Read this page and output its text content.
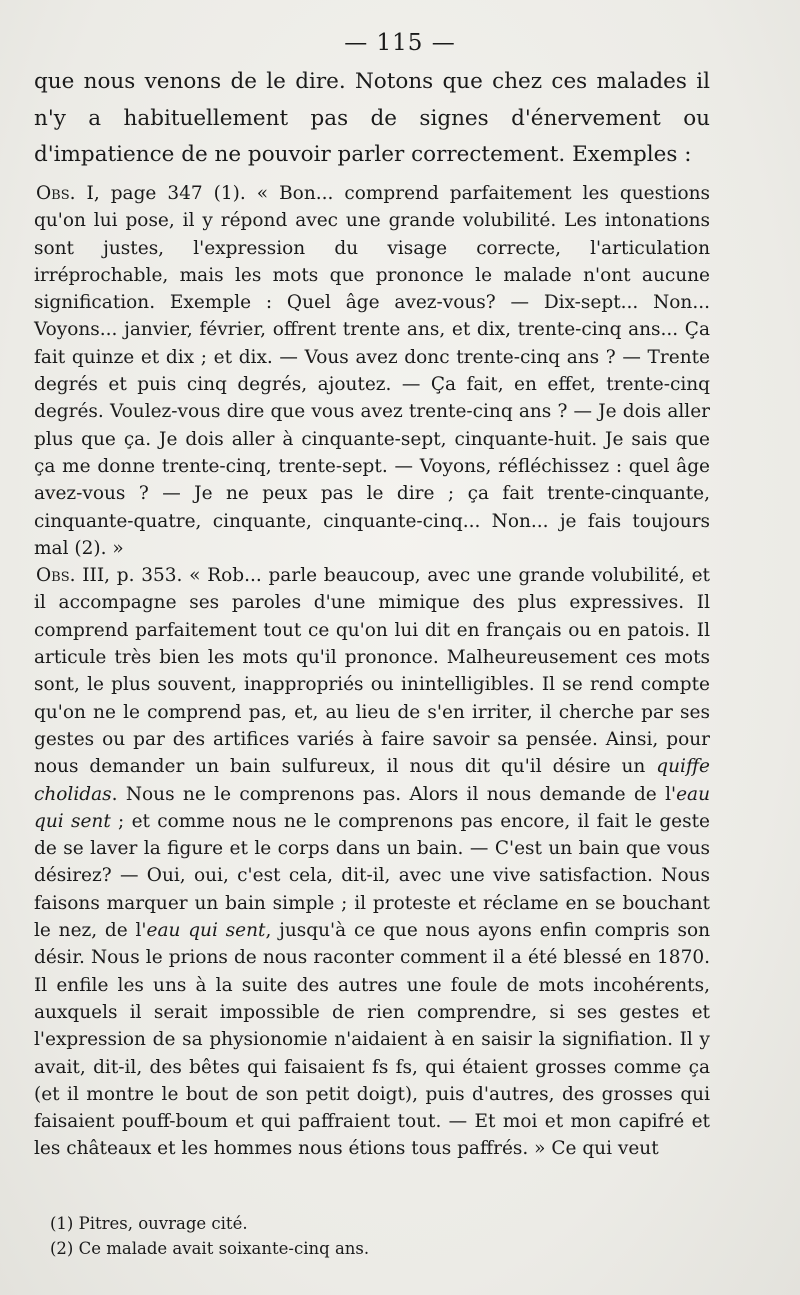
— 115 —

que nous venons de le dire. Notons que chez ces malades il n'y a habituellement pas de signes d'énervement ou d'impatience de ne pouvoir parler correctement. Exemples :

Obs. I, page 347 (1). « Bon... comprend parfaitement les questions qu'on lui pose, il y répond avec une grande volubilité. Les intonations sont justes, l'expression du visage correcte, l'articulation irréprochable, mais les mots que prononce le malade n'ont aucune signification. Exemple : Quel âge avez-vous? — Dix-sept... Non... Voyons... janvier, février, offrent trente ans, et dix, trente-cinq ans... Ça fait quinze et dix ; et dix. — Vous avez donc trente-cinq ans ? — Trente degrés et puis cinq degrés, ajoutez. — Ça fait, en effet, trente-cinq degrés. Voulez-vous dire que vous avez trente-cinq ans ? — Je dois aller plus que ça. Je dois aller à cinquante-sept, cinquante-huit. Je sais que ça me donne trente-cinq, trente-sept. — Voyons, réfléchissez : quel âge avez-vous ? — Je ne peux pas le dire ; ça fait trente-cinquante, cinquante-quatre, cinquante, cinquante-cinq... Non... je fais toujours mal (2). »

Obs. III, p. 353. « Rob... parle beaucoup, avec une grande volubilité, et il accompagne ses paroles d'une mimique des plus expressives. Il comprend parfaitement tout ce qu'on lui dit en français ou en patois. Il articule très bien les mots qu'il prononce. Malheureusement ces mots sont, le plus souvent, inappropriés ou inintelligibles. Il se rend compte qu'on ne le comprend pas, et, au lieu de s'en irriter, il cherche par ses gestes ou par des artifices variés à faire savoir sa pensée. Ainsi, pour nous demander un bain sulfureux, il nous dit qu'il désire un quiffe cholidas. Nous ne le comprenons pas. Alors il nous demande de l'eau qui sent ; et comme nous ne le comprenons pas encore, il fait le geste de se laver la figure et le corps dans un bain. — C'est un bain que vous désirez? — Oui, oui, c'est cela, dit-il, avec une vive satisfaction. Nous faisons marquer un bain simple ; il proteste et réclame en se bouchant le nez, de l'eau qui sent, jusqu'à ce que nous ayons enfin compris son désir. Nous le prions de nous raconter comment il a été blessé en 1870. Il enfile les uns à la suite des autres une foule de mots incohérents, auxquels il serait impossible de rien comprendre, si ses gestes et l'expression de sa physionomie n'aidaient à en saisir la signifiation. Il y avait, dit-il, des bêtes qui faisaient fs fs, qui étaient grosses comme ça (et il montre le bout de son petit doigt), puis d'autres, des grosses qui faisaient pouff-boum et qui paffraient tout. — Et moi et mon capifré et les châteaux et les hommes nous étions tous paffrés. » Ce qui veut

(1) Pitres, ouvrage cité.
(2) Ce malade avait soixante-cinq ans.
